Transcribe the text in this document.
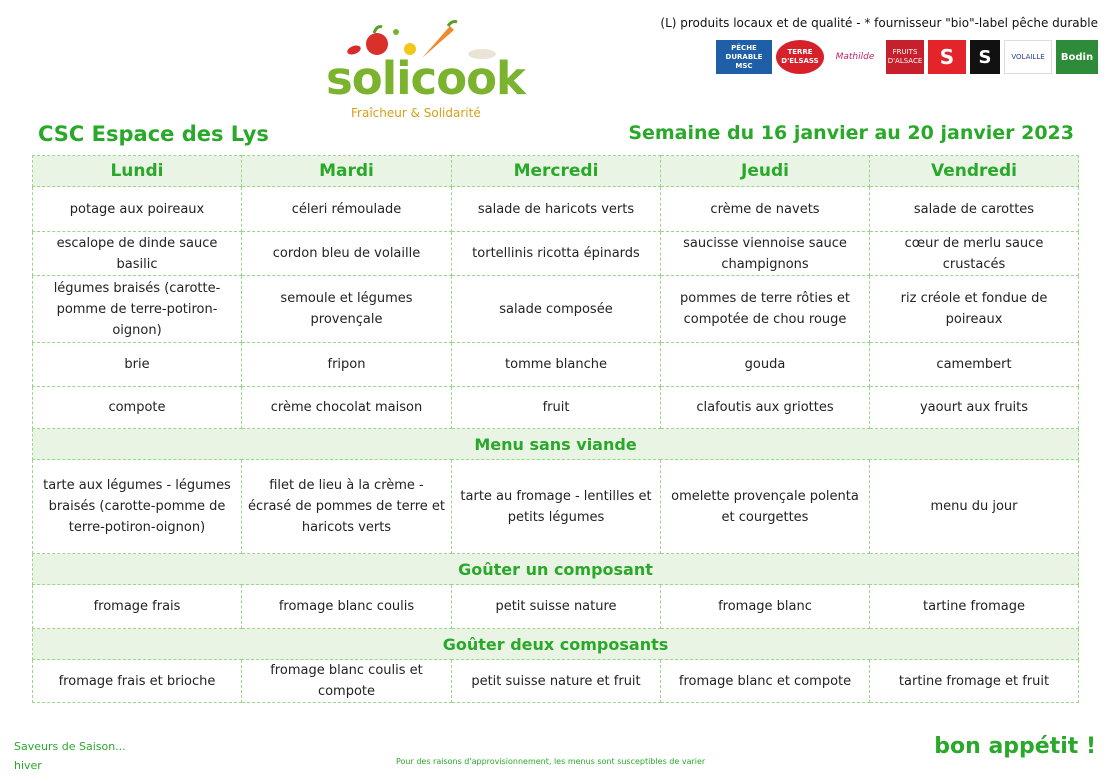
solicook
Fraîcheur & Solidarité
(L) produits locaux et de qualité - * fournisseur "bio"-label pêche durable
PÊCHE DURABLE MSC
TERRE D'ELSASS	Mathilde	FRUITS D'ALSACE S S	VOLAILLE Bodin
CSC Espace des Lys	Semaine du 16 janvier au 20 janvier 2023
Lundi	Mardi	Mercredi	Jeudi	Vendredi
potage aux poireaux	céleri rémoulade	salade de haricots verts	crème de navets	salade de carottes
escalope de dinde sauce basilic	cordon bleu de volaille	tortellinis ricotta épinards	saucisse viennoise sauce champignons	cœur de merlu sauce crustacés
légumes braisés (carotte-pomme de terre-potiron-oignon)	semoule et légumes provençale	salade composée	pommes de terre rôties et compotée de chou rouge	riz créole et fondue de poireaux
brie	fripon	tomme blanche	gouda	camembert
compote	crème chocolat maison	fruit	clafoutis aux griottes	yaourt aux fruits
Menu sans viande				
tarte aux légumes - légumes braisés (carotte-pomme de terre-potiron-oignon)	filet de lieu à la crème - écrasé de pommes de terre et haricots verts	tarte au fromage - lentilles et petits légumes	omelette provençale polenta et courgettes	menu du jour
Goûter un composant				
fromage frais	fromage blanc coulis	petit suisse nature	fromage blanc	tartine fromage
Goûter deux composants				
fromage frais et brioche	fromage blanc coulis et compote	petit suisse nature et fruit	fromage blanc et compote	tartine fromage et fruit
Saveurs de Saison...
hiver	Pour des raisons d'approvisionnement, les menus sont susceptibles de varier
bon appétit !
